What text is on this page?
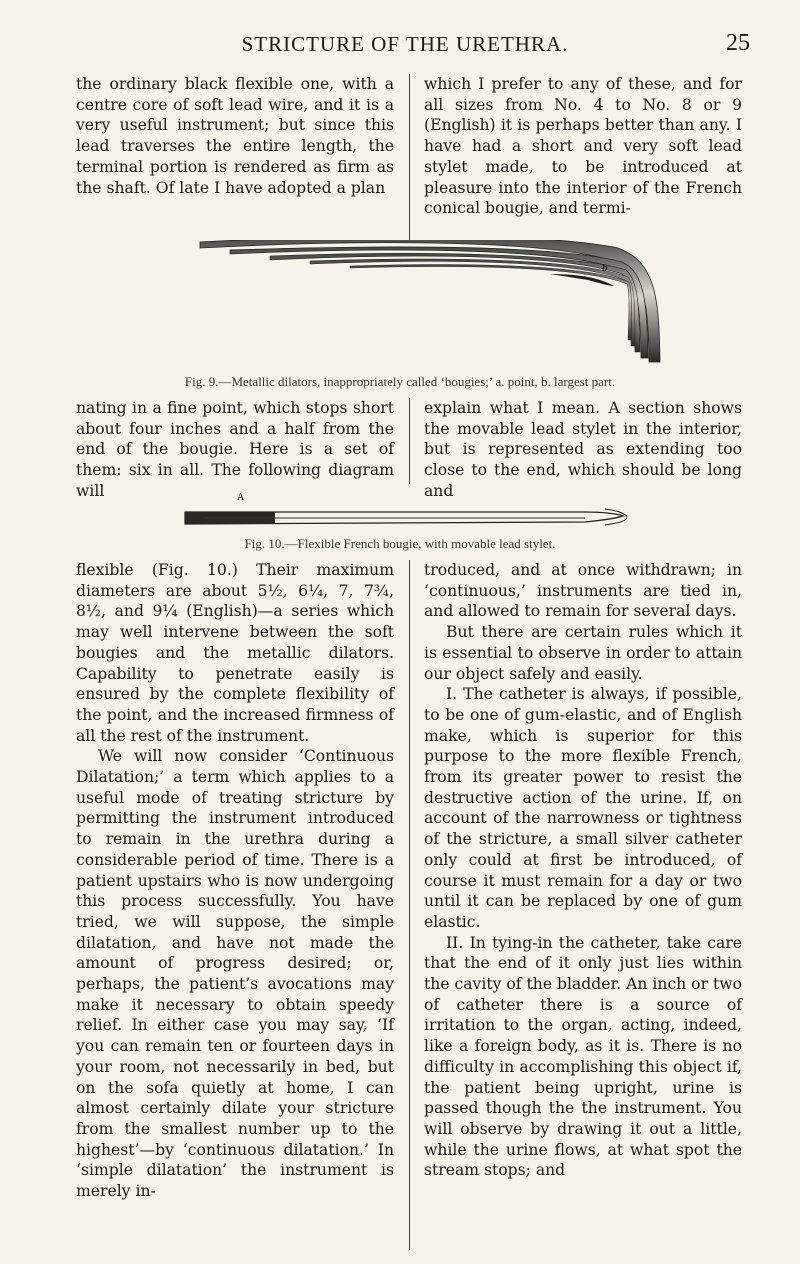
STRICTURE OF THE URETHRA.	25

the ordinary black flexible one, with a centre core of soft lead wire, and it is a very useful instrument; but since this lead traverses the entire length, the terminal portion is rendered as firm as the shaft. Of late I have adopted a plan

which I prefer to any of these, and for all sizes from No. 4 to No. 8 or 9 (English) it is perhaps better than any. I have had a short and very soft lead stylet made, to be introduced at pleasure into the interior of the French conical bougie, and termi-

b
Fig. 9.—Metallic dilators, inappropriately called ‘bougies;’ a. point, b. largest part.

nating in a fine point, which stops short about four inches and a half from the end of the bougie. Here is a set of them: six in all. The following diagram will

explain what I mean. A section shows the movable lead stylet in the interior, but is represented as extending too close to the end, which should be long and

A
Fig. 10.—Flexible French bougie, with movable lead stylet.

flexible (Fig. 10.) Their maximum diameters are about 5½, 6¼, 7, 7¾, 8½, and 9¼ (English)—a series which may well intervene between the soft bougies and the metallic dilators. Capability to penetrate easily is ensured by the complete flexibility of the point, and the increased firmness of all the rest of the instrument.

We will now consider ‘Continuous Dilatation;’ a term which applies to a useful mode of treating stricture by permitting the instrument introduced to remain in the urethra during a considerable period of time. There is a patient upstairs who is now undergoing this process successfully. You have tried, we will suppose, the simple dilatation, and have not made the amount of progress desired; or, perhaps, the patient’s avocations may make it necessary to obtain speedy relief. In either case you may say, ‘If you can remain ten or fourteen days in your room, not necessarily in bed, but on the sofa quietly at home, I can almost certainly dilate your stricture from the smallest number up to the highest’—by ‘continuous dilatation.’ In ‘simple dilatation’ the instrument is merely in-

troduced, and at once withdrawn; in ‘continuous,’ instruments are tied in, and allowed to remain for several days.

But there are certain rules which it is essential to observe in order to attain our object safely and easily.

I. The catheter is always, if possible, to be one of gum-elastic, and of English make, which is superior for this purpose to the more flexible French, from its greater power to resist the destructive action of the urine. If, on account of the narrowness or tightness of the stricture, a small silver catheter only could at first be introduced, of course it must remain for a day or two until it can be replaced by one of gum elastic.

II. In tying-in the catheter, take care that the end of it only just lies within the cavity of the bladder. An inch or two of catheter there is a source of irritation to the organ, acting, indeed, like a foreign body, as it is. There is no difficulty in accomplishing this object if, the patient being upright, urine is passed though the the instrument. You will observe by drawing it out a little, while the urine flows, at what spot the stream stops; and
